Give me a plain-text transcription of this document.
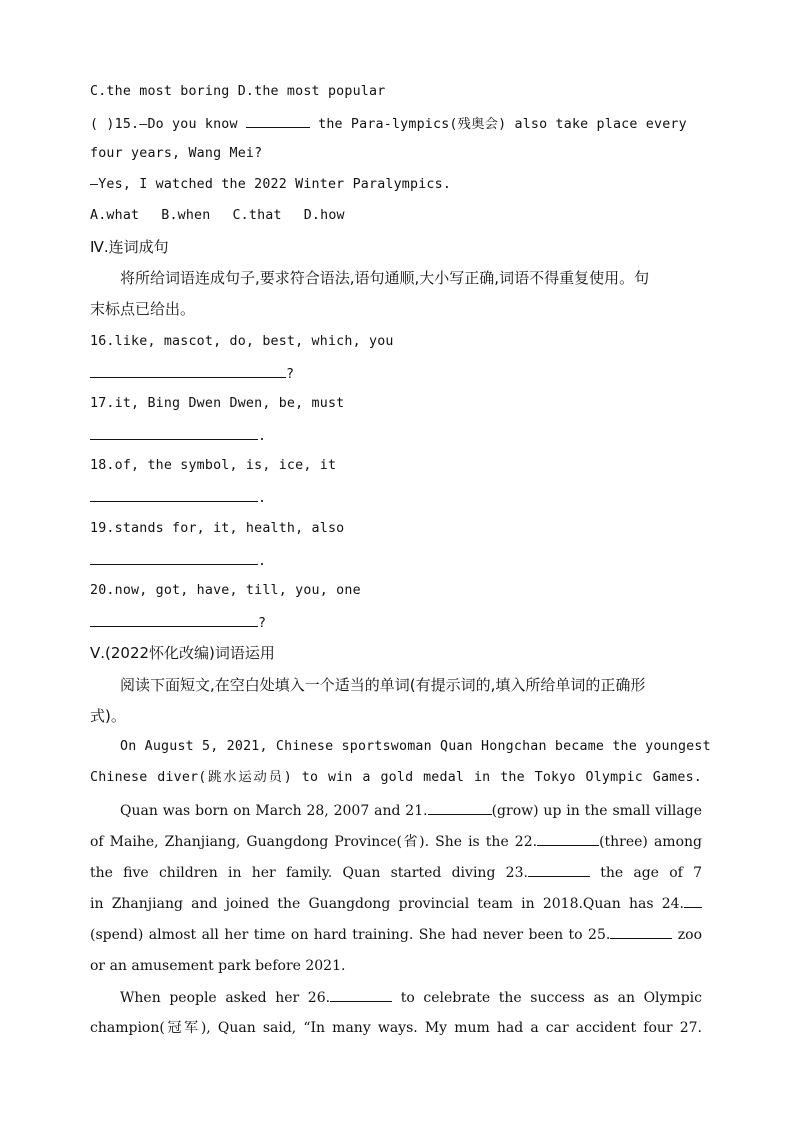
C.the most boring D.the most popular
( )15.—Do you know	the Para-lympics(残奥会) also take place every
four years, Wang Mei?
—Yes, I watched the 2022 Winter Paralympics.
A.what B.when C.that D.how
Ⅳ.连词成句
将所给词语连成句子,要求符合语法,语句通顺,大小写正确,词语不得重复使用。句
末标点已给出。
16.like, mascot, do, best, which, you
?
17.it, Bing Dwen Dwen, be, must
.
18.of, the symbol, is, ice, it
.
19.stands for, it, health, also
.
20.now, got, have, till, you, one
?
Ⅴ.(2022怀化改编)词语运用
阅读下面短文,在空白处填入一个适当的单词(有提示词的,填入所给单词的正确形
式)。
On August 5, 2021, Chinese sportswoman Quan Hongchan became the youngest
Chinese diver(跳水运动员) to win a gold medal in the Tokyo Olympic Games.
Quan was born on March 28, 2007 and 21.	(grow) up in the small village
of Maihe, Zhanjiang, Guangdong Province(省). She is the 22.	(three) among
the five children in her family. Quan started diving 23.	the age of 7
in Zhanjiang and joined the Guangdong provincial team in 2018.Quan has 24.
(spend) almost all her time on hard training. She had never been to 25.	zoo
or an amusement park before 2021.
When people asked her 26.	to celebrate the success as an Olympic
champion(冠军), Quan said, “In many ways. My mum had a car accident four 27.
